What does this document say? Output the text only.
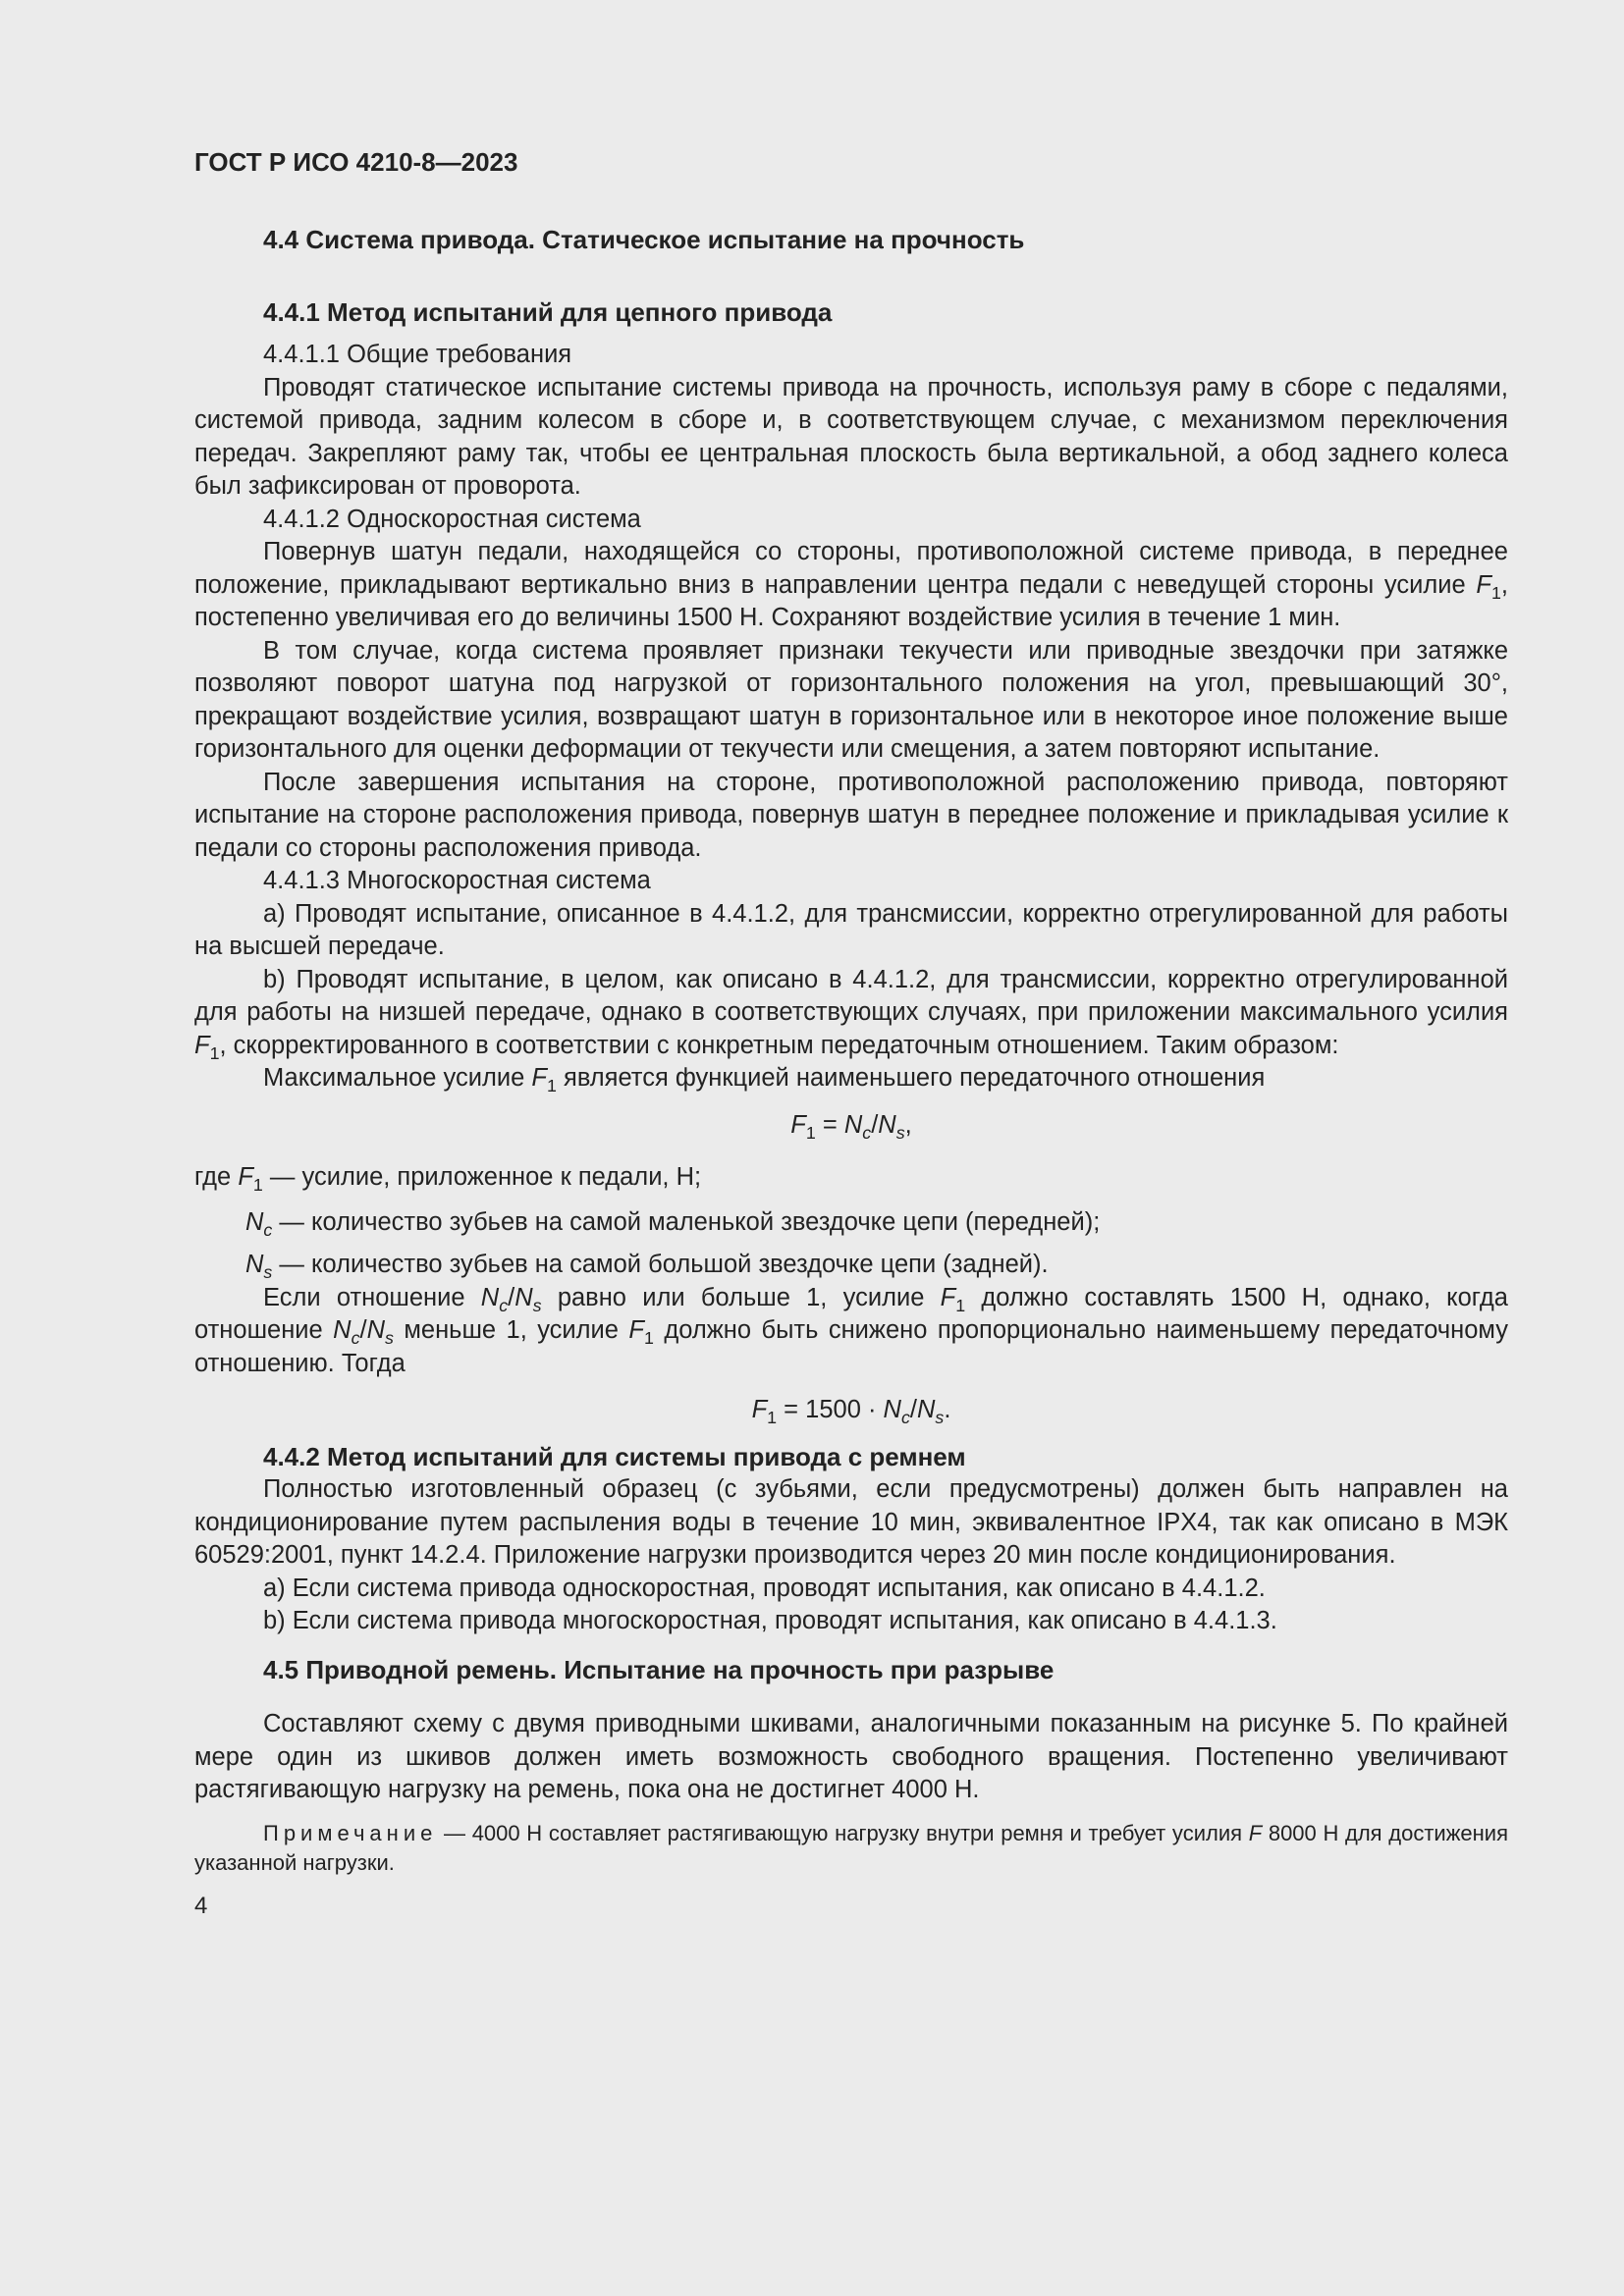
ГОСТ Р ИСО 4210-8—2023
4.4 Система привода. Статическое испытание на прочность
4.4.1 Метод испытаний для цепного привода

4.4.1.1 Общие требования

Проводят статическое испытание системы привода на прочность, используя раму в сборе с педалями, системой привода, задним колесом в сборе и, в соответствующем случае, с механизмом переключения передач. Закрепляют раму так, чтобы ее центральная плоскость была вертикальной, а обод заднего колеса был зафиксирован от проворота.

4.4.1.2 Односкоростная система

Повернув шатун педали, находящейся со стороны, противоположной системе привода, в переднее положение, прикладывают вертикально вниз в направлении центра педали с неведущей стороны усилие $F_1$, постепенно увеличивая его до величины 1500 Н. Сохраняют воздействие усилия в течение 1 мин.

В том случае, когда система проявляет признаки текучести или приводные звездочки при затяжке позволяют поворот шатуна под нагрузкой от горизонтального положения на угол, превышающий 30°, прекращают воздействие усилия, возвращают шатун в горизонтальное или в некоторое иное положение выше горизонтального для оценки деформации от текучести или смещения, а затем повторяют испытание.

После завершения испытания на стороне, противоположной расположению привода, повторяют испытание на стороне расположения привода, повернув шатун в переднее положение и прикладывая усилие к педали со стороны расположения привода.

4.4.1.3 Многоскоростная система

a) Проводят испытание, описанное в 4.4.1.2, для трансмиссии, корректно отрегулированной для работы на высшей передаче.

b) Проводят испытание, в целом, как описано в 4.4.1.2, для трансмиссии, корректно отрегулированной для работы на низшей передаче, однако в соответствующих случаях, при приложении максимального усилия $F_1$, скорректированного в соответствии с конкретным передаточным отношением. Таким образом:

Максимальное усилие $F_1$ является функцией наименьшего передаточного отношения

$F_1 = N_c/N_s$,

где $F_1$ — усилие, приложенное к педали, Н;

$N_c$ — количество зубьев на самой маленькой звездочке цепи (передней);

$N_s$ — количество зубьев на самой большой звездочке цепи (задней).

Если отношение $N_c/N_s$ равно или больше 1, усилие $F_1$ должно составлять 1500 Н, однако, когда отношение $N_c/N_s$ меньше 1, усилие $F_1$ должно быть снижено пропорционально наименьшему передаточному отношению. Тогда

$F_1 = 1500 \cdot N_c/N_s$.

4.4.2 Метод испытаний для системы привода с ремнем

Полностью изготовленный образец (с зубьями, если предусмотрены) должен быть направлен на кондиционирование путем распыления воды в течение 10 мин, эквивалентное IPX4, так как описано в МЭК 60529:2001, пункт 14.2.4. Приложение нагрузки производится через 20 мин после кондиционирования.

a) Если система привода односкоростная, проводят испытания, как описано в 4.4.1.2.

b) Если система привода многоскоростная, проводят испытания, как описано в 4.4.1.3.

4.5 Приводной ремень. Испытание на прочность при разрыве

Составляют схему с двумя приводными шкивами, аналогичными показанным на рисунке 5. По крайней мере один из шкивов должен иметь возможность свободного вращения. Постепенно увеличивают растягивающую нагрузку на ремень, пока она не достигнет 4000 Н.

Примечание — 4000 Н составляет растягивающую нагрузку внутри ремня и требует усилия F 8000 Н для достижения указанной нагрузки.

4
